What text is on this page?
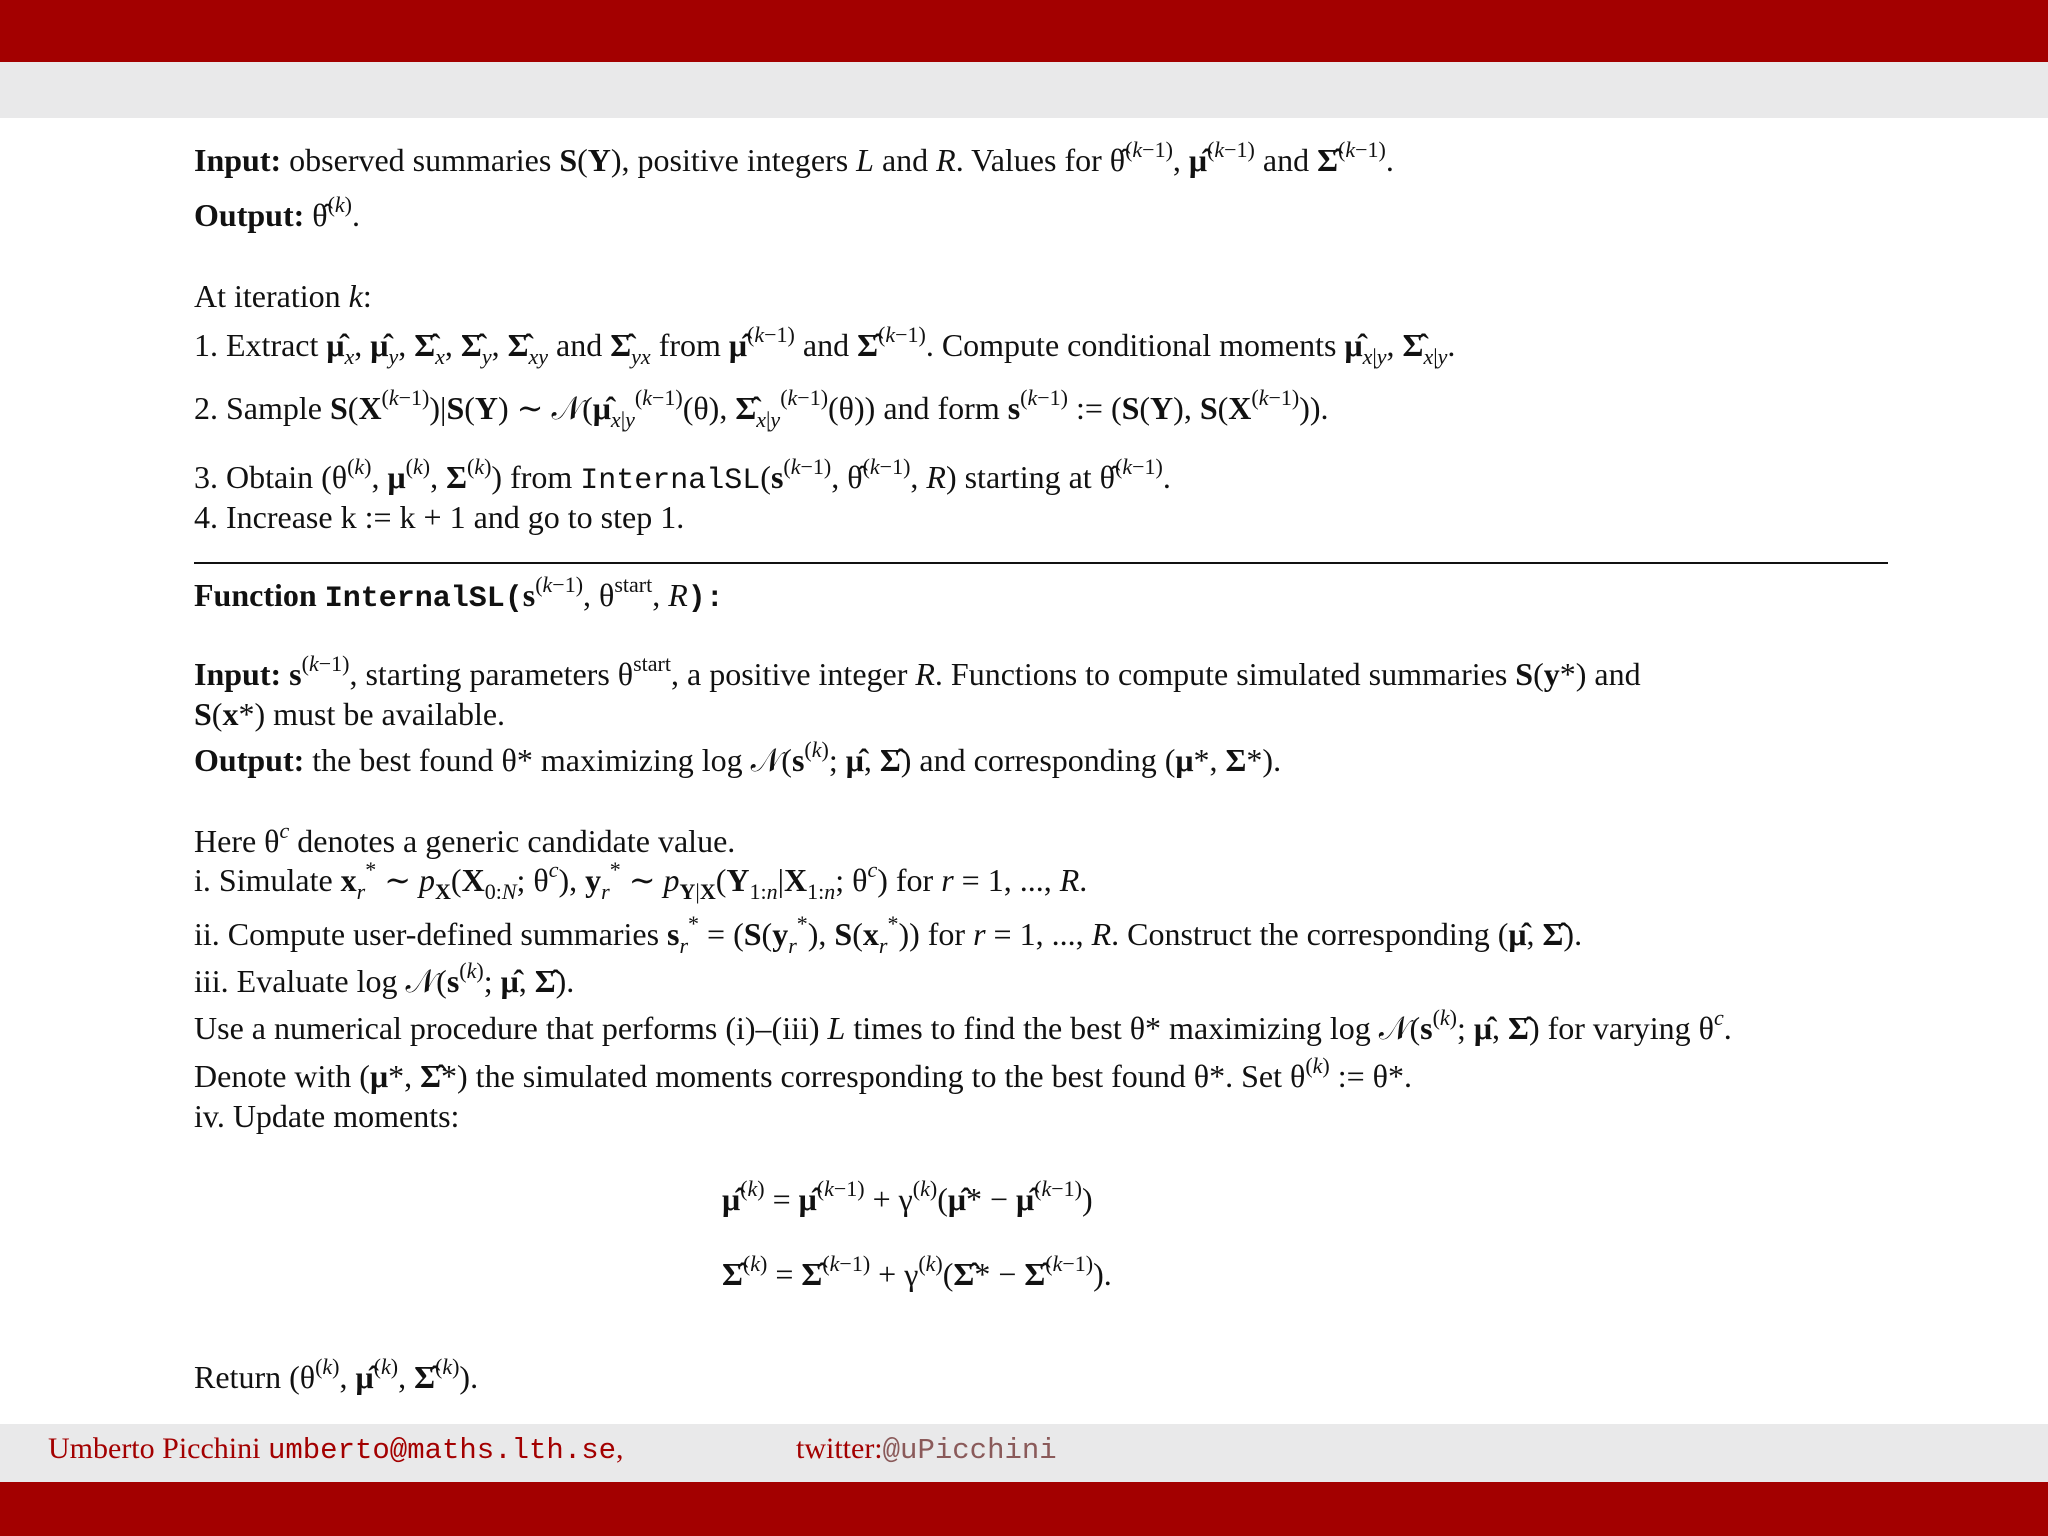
Input: observed summaries S(Y), positive integers L and R. Values for θ̂$^{(k-1)}$, μ̂$^{(k-1)}$ and Σ̂$^{(k-1)}$.
Output: θ̂$^{(k)}$.
At iteration k:
1. Extract $\mû_x$, $\mû_y$, $\Sigmâ_x$, $\Sigmâ_y$, $\Sigmâ_{xy}$ and $\Sigmâ_{yx}$ from μ̂$^{(k-1)}$ and Σ̂$^{(k-1)}$. Compute conditional moments $\mû_{x|y}$, $\Sigmâ_{x|y}$.
2. Sample $S(X^{(k-1)})|S(Y)$ ∼ $𝒩(\mû_{x|y}^{(k-1)}(\theta)$, $\Sigmâ_{x|y}^{(k-1)}(\theta)$) and form $s^{(k-1)}$ := (S(Y), $S(X^{(k-1)})$).
3. Obtain ($\theta^{(k)}$, $\mu^{(k)}$, $\Sigma^{(k)}$) from $InternalSL(s^{(k-1)}$, θ̂$^{(k-1)}$, R) starting at θ̂$^{(k-1)}$.
4. Increase k := k + 1 and go to step 1.
Function $InternalSL(s^{(k-1)}$, $\theta^{start}$, R):
Input: $s^{(k-1)}$, starting parameters $\theta^{start}$, a positive integer R. Functions to compute simulated summaries S(y*) and
S(x*) must be available.
Output: the best found θ* maximizing $\log 𝒩(s^{(k)}$; μ̂, Σ̂) and corresponding (μ*, Σ*).
Here $\theta^c$ denotes a generic candidate value.
i. Simulate $x_r^*$ ∼ $p_X(X_{0:N}$; $\theta^c$), $y_r^*$ ∼ $p_{Y|X}(Y_{1:n}|X_{1:n}$; $\theta^c$) for r = 1, ..., R.
ii. Compute user-defined summaries $s_r^* = (S(y_r^*)$, $S(x_r^*)$) for r = 1, ..., R. Construct the corresponding (μ̂, Σ̂).
iii. Evaluate $\log 𝒩(s^{(k)}$; μ̂, Σ̂).
Use a numerical procedure that performs (i)–(iii) L times to find the best θ* maximizing $\log 𝒩(s^{(k)}$; μ̂, Σ̂) for varying $\theta^c$.
Denote with (μ*, Σ̂*) the simulated moments corresponding to the best found θ*. Set $\theta^{(k)}$ := θ*.
iv. Update moments:
μ̂$^{(k)}$ = μ̂$^{(k-1)}$ + $\gamma^{(k)}(\mû*$ − μ̂$^{(k-1)}$)
Σ̂$^{(k)}$ = Σ̂$^{(k-1)}$ + $\gamma^{(k)}(\Sigmâ*$ − Σ̂$^{(k-1)}$).
Return ($\theta^{(k)}$, μ̂$^{(k)}$, Σ̂$^{(k)}$).
Umberto Picchini umberto@maths.lth.se,	twitter:@uPicchini
